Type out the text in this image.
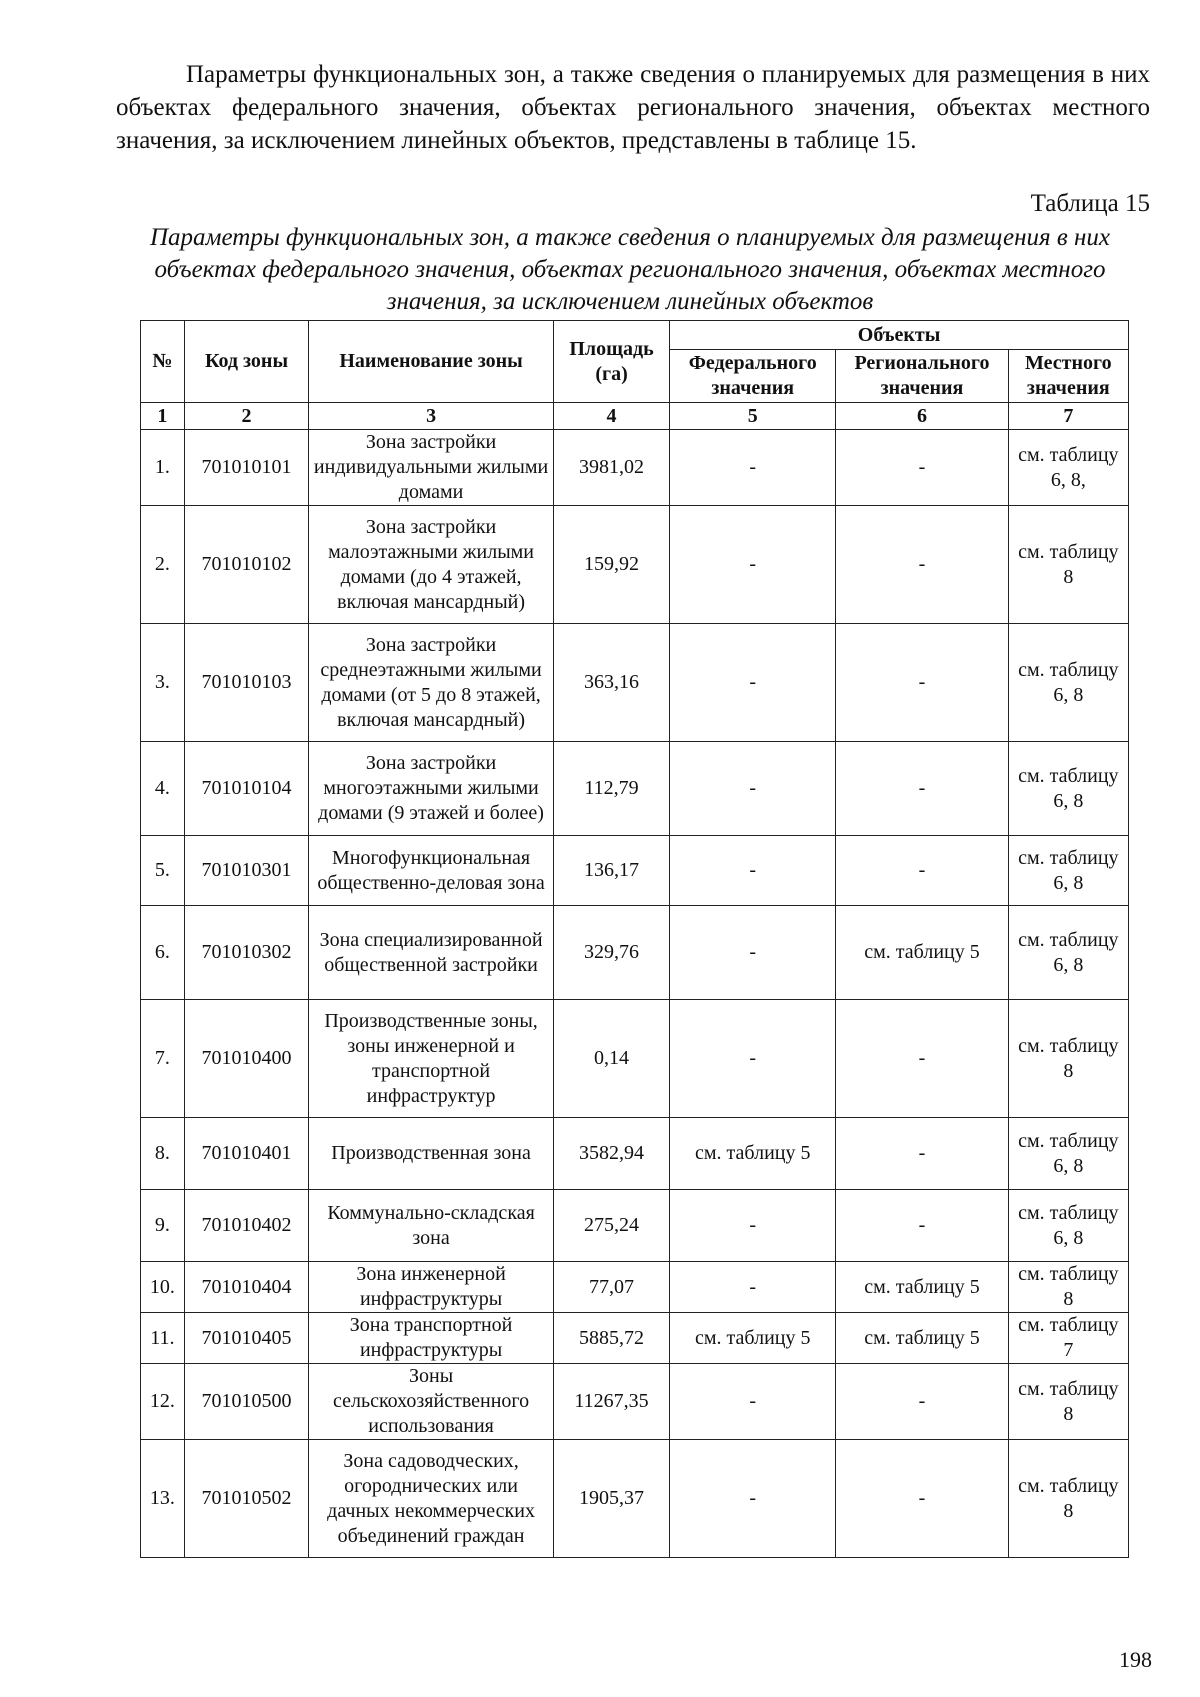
Параметры функциональных зон, а также сведения о планируемых для размещения в них объектах федерального значения, объектах регионального значения, объектах местного значения, за исключением линейных объектов, представлены в таблице 15.

Таблица 15

Параметры функциональных зон, а также сведения о планируемых для размещения в них объектах федерального значения, объектах регионального значения, объектах местного значения, за исключением линейных объектов

№	Код зоны	Наименование зоны	Площадь (га)	Объекты		
				Федерального значения	Регионального значения	Местного значения
1	2	3	4	5	6	7
1.	701010101	Зона застройки индивидуальными жилыми домами	3981,02	-	-	см. таблицу 6, 8,
2.	701010102	Зона застройки малоэтажными жилыми домами (до 4 этажей, включая мансардный)	159,92	-	-	см. таблицу 8
3.	701010103	Зона застройки среднеэтажными жилыми домами (от 5 до 8 этажей, включая мансардный)	363,16	-	-	см. таблицу 6, 8
4.	701010104	Зона застройки многоэтажными жилыми домами (9 этажей и более)	112,79	-	-	см. таблицу 6, 8
5.	701010301	Многофункциональная общественно-деловая зона	136,17	-	-	см. таблицу 6, 8
6.	701010302	Зона специализированной общественной застройки	329,76	-	см. таблицу 5	см. таблицу 6, 8
7.	701010400	Производственные зоны, зоны инженерной и транспортной инфраструктур	0,14	-	-	см. таблицу 8
8.	701010401	Производственная зона	3582,94	см. таблицу 5	-	см. таблицу 6, 8
9.	701010402	Коммунально-складская зона	275,24	-	-	см. таблицу 6, 8
10.	701010404	Зона инженерной инфраструктуры	77,07	-	см. таблицу 5	см. таблицу 8
11.	701010405	Зона транспортной инфраструктуры	5885,72	см. таблицу 5	см. таблицу 5	см. таблицу 7
12.	701010500	Зоны сельскохозяйственного использования	11267,35	-	-	см. таблицу 8
13.	701010502	Зона садоводческих, огороднических или дачных некоммерческих объединений граждан	1905,37	-	-	см. таблицу 8

198
